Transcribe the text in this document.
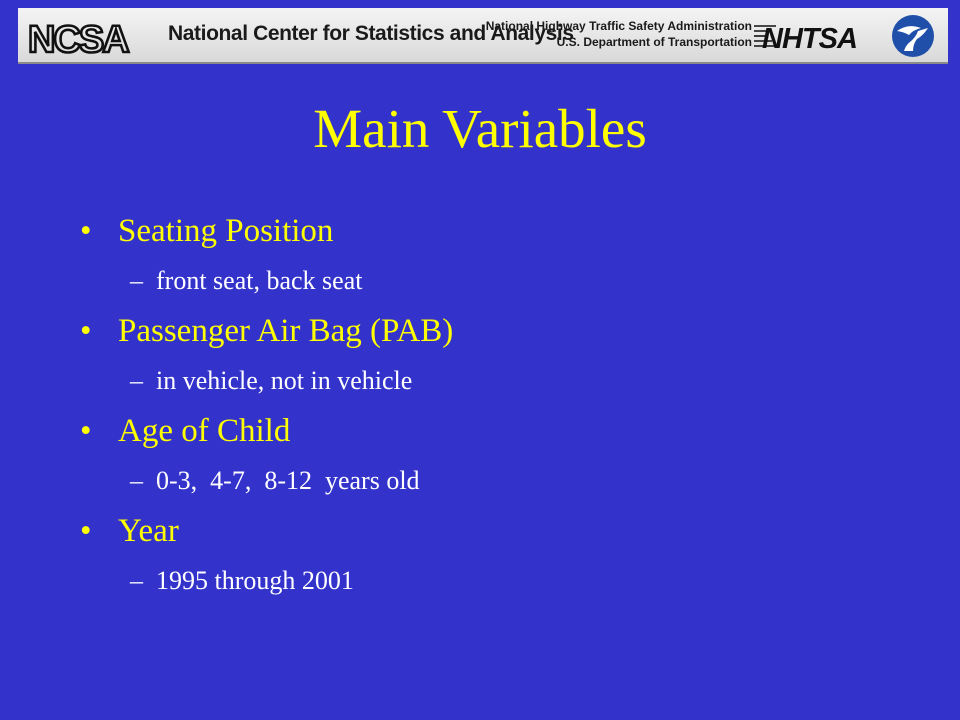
NCSA National Center for Statistics and Analysis
National Highway Traffic Safety Administration
U.S. Department of Transportation NHTSA
Main Variables
• Seating Position
– front seat, back seat
• Passenger Air Bag (PAB)
– in vehicle, not in vehicle
• Age of Child
– 0-3,  4-7,  8-12  years old
• Year
– 1995 through 2001
